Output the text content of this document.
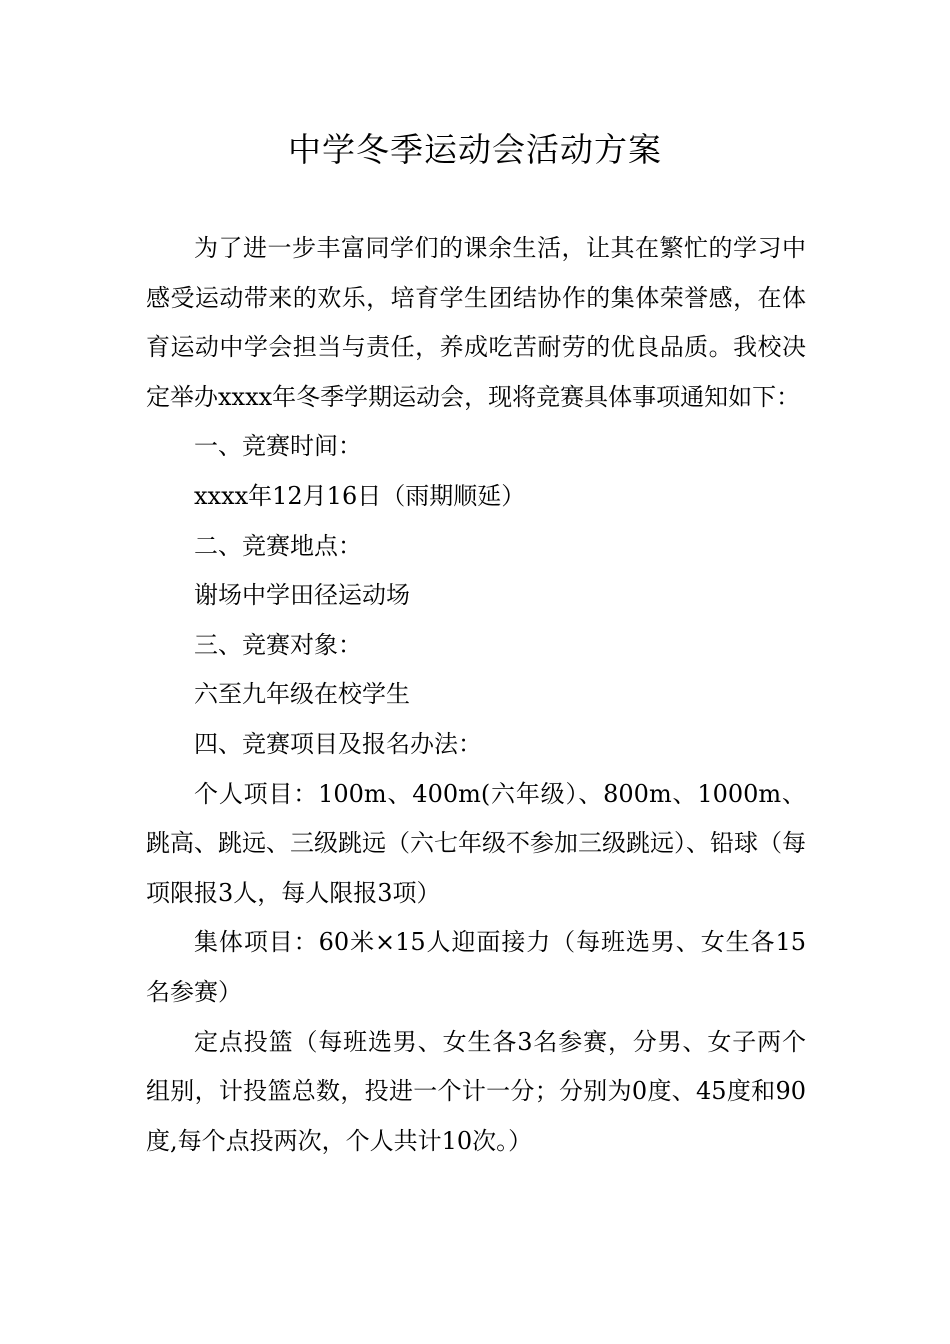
中学冬季运动会活动方案

为了进一步丰富同学们的课余生活，让其在繁忙的学习中感受运动带来的欢乐，培育学生团结协作的集体荣誉感，在体育运动中学会担当与责任，养成吃苦耐劳的优良品质。我校决定举办xxxx年冬季学期运动会，现将竞赛具体事项通知如下：

一、竞赛时间：

xxxx年12月16日（雨期顺延）

二、竞赛地点：

谢场中学田径运动场

三、竞赛对象：

六至九年级在校学生

四、竞赛项目及报名办法：

个人项目：100m、400m(六年级）、800m、1000m、跳高、跳远、三级跳远（六七年级不参加三级跳远）、铅球（每项限报3人，每人限报3项）

集体项目：60米×15人迎面接力（每班选男、女生各15名参赛）

定点投篮（每班选男、女生各3名参赛，分男、女子两个组别，计投篮总数，投进一个计一分；分别为0度、45度和90度,每个点投两次，个人共计10次。）
